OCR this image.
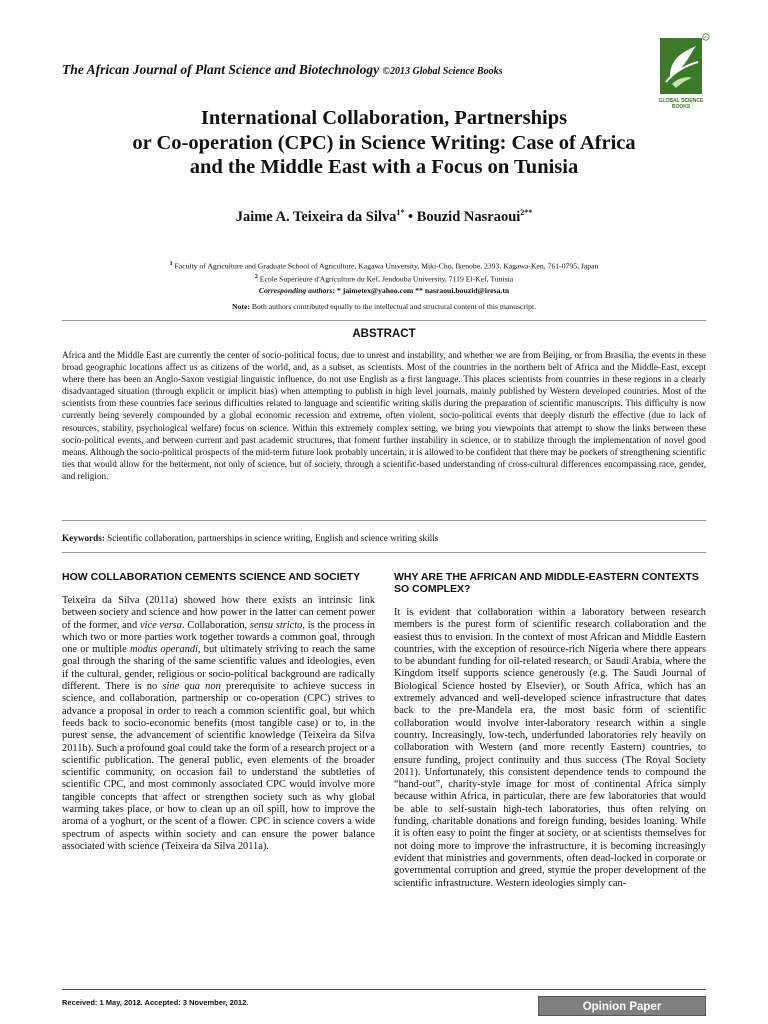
The African Journal of Plant Science and Biotechnology ©2013 Global Science Books
®
GLOBAL SCIENCE
BOOKS
International Collaboration, Partnerships
or Co-operation (CPC) in Science Writing: Case of Africa
and the Middle East with a Focus on Tunisia
Jaime A. Teixeira da Silva$^{1*}$ • Bouzid Nasraoui$^{2**}$
$^1$ Faculty of Agriculture and Graduate School of Agriculture, Kagawa University, Miki-Cho, Ikenobe, 2393, Kagawa-Ken, 761-0795, Japan
$^2$ Ecole Supérieure d'Agriculture du Kef, Jendouba University, 7119 El-Kef, Tunisia
Corresponding authors: * jaimetex@yahoo.com ** nasraoui.bouzid@iresa.tn
Note: Both authors contributed equally to the intellectual and structural content of this manuscript.
ABSTRACT
Africa and the Middle East are currently the center of socio-political focus, due to unrest and instability, and whether we are from Beijing, or from Brasilia, the events in these broad geographic locations affect us as citizens of the world, and, as a subset, as scientists. Most of the countries in the northern belt of Africa and the Middle-East, except where there has been an Anglo-Saxon vestigial linguistic influence, do not use English as a first language. This places scientists from countries in these regions in a clearly disadvantaged situation (through explicit or implicit bias) when attempting to publish in high level journals, mainly published by Western developed countries. Most of the scientists from these countries face serious difficulties related to language and scientific writing skills during the preparation of scientific manuscripts. This difficulty is now currently being severely compounded by a global economic recession and extreme, often violent, socio-political events that deeply disturb the effective (due to lack of resources, stability, psychological welfare) focus on science. Within this extremely complex setting, we bring you viewpoints that attempt to show the links between these socio-political events, and between current and past academic structures, that foment further instability in science, or to stabilize through the implementation of novel good means. Although the socio-political prospects of the mid-term future look probably uncertain, it is allowed to be confident that there may be pockets of strengthening scientific ties that would allow for the betterment, not only of science, but of society, through a scientific-based understanding of cross-cultural differences encompassing race, gender, and religion.
Keywords: Scientific collaboration, partnerships in science writing, English and science writing skills
HOW COLLABORATION CEMENTS SCIENCE AND SOCIETY
Teixeira da Silva (2011a) showed how there exists an intrinsic link between society and science and how power in the latter can cement power of the former, and vice versa. Collaboration, sensu stricto, is the process in which two or more parties work together towards a common goal, through one or multiple modus operandi, but ultimately striving to reach the same goal through the sharing of the same scientific values and ideologies, even if the cultural, gender, religious or socio-political background are radically different. There is no sine qua non prerequisite to achieve success in science, and collaboration, partnership or co-operation (CPC) strives to advance a proposal in order to reach a common scientific goal, but which feeds back to socio-economic benefits (most tangible case) or to, in the purest sense, the advancement of scientific knowledge (Teixeira da Silva 2011b). Such a profound goal could take the form of a research project or a scientific publication. The general public, even elements of the broader scientific community, on occasion fail to understand the subtleties of scientific CPC, and most commonly associated CPC would involve more tangible concepts that affect or strengthen society such as why global warming takes place, or how to clean up an oil spill, how to improve the aroma of a yoghurt, or the scent of a flower. CPC in science covers a wide spectrum of aspects within society and can ensure the power balance associated with science (Teixeira da Silva 2011a).
WHY ARE THE AFRICAN AND MIDDLE-EASTERN CONTEXTS SO COMPLEX?
It is evident that collaboration within a laboratory between research members is the purest form of scientific research collaboration and the easiest thus to envision. In the context of most African and Middle Eastern countries, with the exception of resource-rich Nigeria where there appears to be abundant funding for oil-related research, or Saudi Arabia, where the Kingdom itself supports science generously (e.g. The Saudi Journal of Biological Science hosted by Elsevier), or South Africa, which has an extremely advanced and well-developed science infrastructure that dates back to the pre-Mandela era, the most basic form of scientific collaboration would involve inter-laboratory research within a single country. Increasingly, low-tech, underfunded laboratories rely heavily on collaboration with Western (and more recently Eastern) countries, to ensure funding, project continuity and thus success (The Royal Society 2011). Unfortunately, this consistent dependence tends to compound the “hand-out”, charity-style image for most of continental Africa simply because within Africa, in particular, there are few laboratories that would be able to self-sustain high-tech laboratories, thus often relying on funding, charitable donations and foreign funding, besides loaning. While it is often easy to point the finger at society, or at scientists themselves for not doing more to improve the infrastructure, it is becoming increasingly evident that ministries and governments, often dead-locked in corporate or governmental corruption and greed, stymie the proper development of the scientific infrastructure. Western ideologies simply can-
Received: 1 May, 2012. Accepted: 3 November, 2012.	Opinion Paper
